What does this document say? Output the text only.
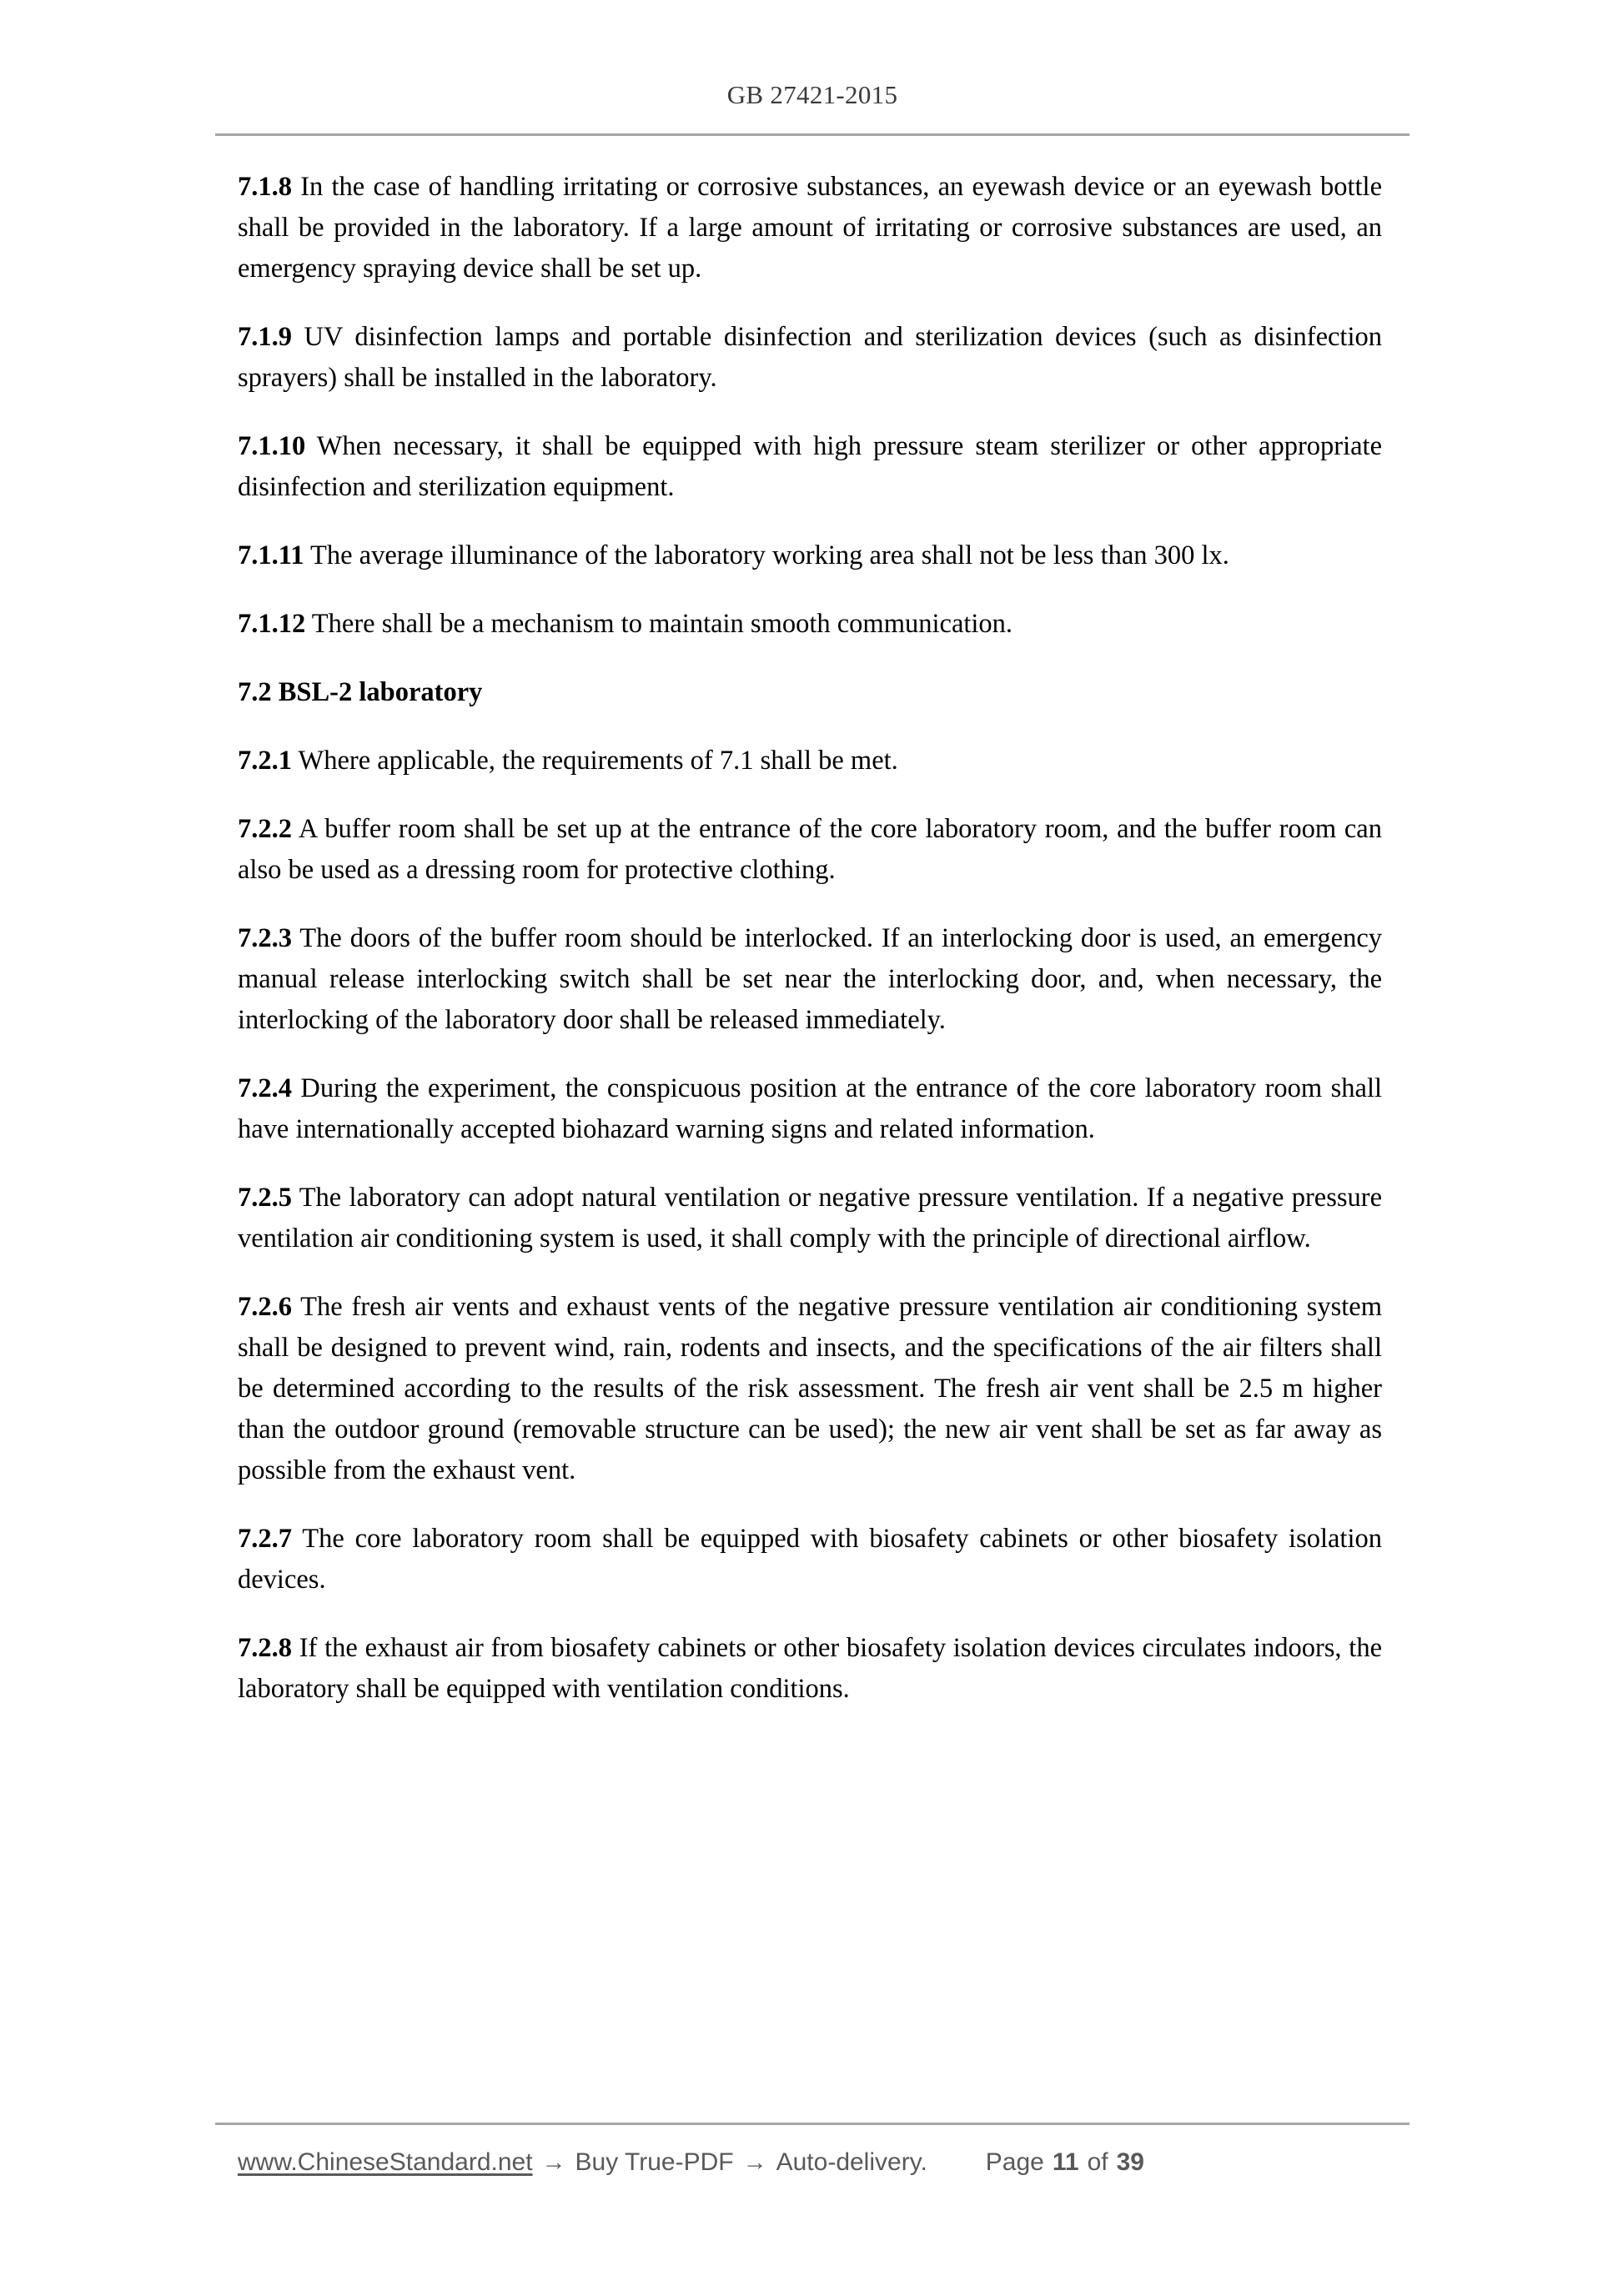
GB 27421-2015

7.1.8 In the case of handling irritating or corrosive substances, an eyewash device or an eyewash bottle shall be provided in the laboratory. If a large amount of irritating or corrosive substances are used, an emergency spraying device shall be set up.

7.1.9 UV disinfection lamps and portable disinfection and sterilization devices (such as disinfection sprayers) shall be installed in the laboratory.

7.1.10 When necessary, it shall be equipped with high pressure steam sterilizer or other appropriate disinfection and sterilization equipment.

7.1.11 The average illuminance of the laboratory working area shall not be less than 300 lx.

7.1.12 There shall be a mechanism to maintain smooth communication.

7.2 BSL-2 laboratory

7.2.1 Where applicable, the requirements of 7.1 shall be met.

7.2.2 A buffer room shall be set up at the entrance of the core laboratory room, and the buffer room can also be used as a dressing room for protective clothing.

7.2.3 The doors of the buffer room should be interlocked. If an interlocking door is used, an emergency manual release interlocking switch shall be set near the interlocking door, and, when necessary, the interlocking of the laboratory door shall be released immediately.

7.2.4 During the experiment, the conspicuous position at the entrance of the core laboratory room shall have internationally accepted biohazard warning signs and related information.

7.2.5 The laboratory can adopt natural ventilation or negative pressure ventilation. If a negative pressure ventilation air conditioning system is used, it shall comply with the principle of directional airflow.

7.2.6 The fresh air vents and exhaust vents of the negative pressure ventilation air conditioning system shall be designed to prevent wind, rain, rodents and insects, and the specifications of the air filters shall be determined according to the results of the risk assessment. The fresh air vent shall be 2.5 m higher than the outdoor ground (removable structure can be used); the new air vent shall be set as far away as possible from the exhaust vent.

7.2.7 The core laboratory room shall be equipped with biosafety cabinets or other biosafety isolation devices.

7.2.8 If the exhaust air from biosafety cabinets or other biosafety isolation devices circulates indoors, the laboratory shall be equipped with ventilation conditions.

www.ChineseStandard.net → Buy True-PDF → Auto-delivery. Page 11 of 39
